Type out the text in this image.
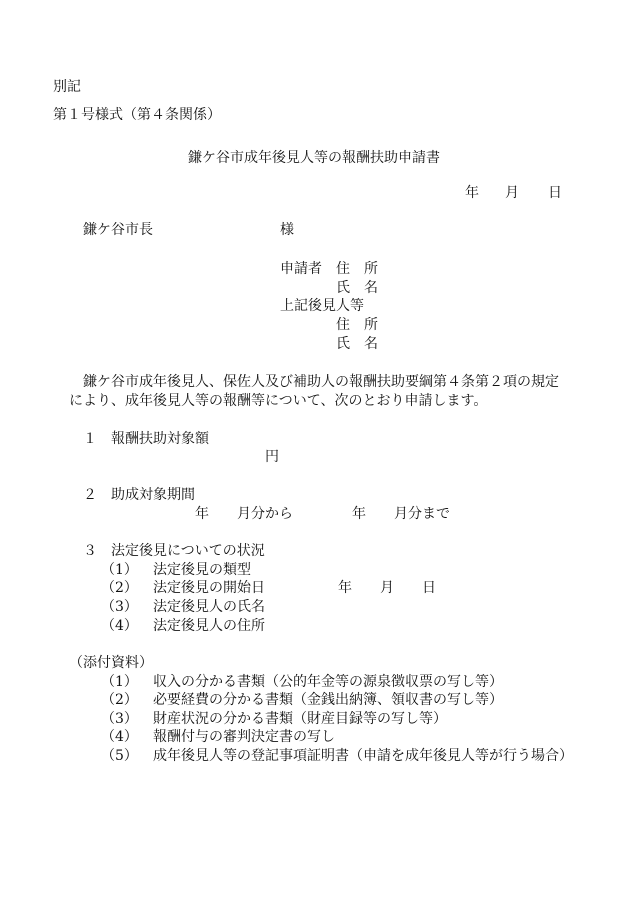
別記
第１号様式（第４条関係）
鎌ケ谷市成年後見人等の報酬扶助申請書
年 月 日
鎌ケ谷市長	様
申請者 住　所
氏　名
上記後見人等
住　所
氏　名
　鎌ケ谷市成年後見人、保佐人及び補助人の報酬扶助要綱第４条第２項の規定
により、成年後見人等の報酬等について、次のとおり申請します。
１ 報酬扶助対象額
円
２ 助成対象期間
年 月分から	年 月分まで
３ 法定後見についての状況
（1） 法定後見の類型
（2） 法定後見の開始日	年 月 日
（3） 法定後見人の氏名
（4） 法定後見人の住所
（添付資料）
（1） 収入の分かる書類（公的年金等の源泉徴収票の写し等）
（2） 必要経費の分かる書類（金銭出納簿、領収書の写し等）
（3） 財産状況の分かる書類（財産目録等の写し等）
（4） 報酬付与の審判決定書の写し
（5） 成年後見人等の登記事項証明書（申請を成年後見人等が行う場合）
